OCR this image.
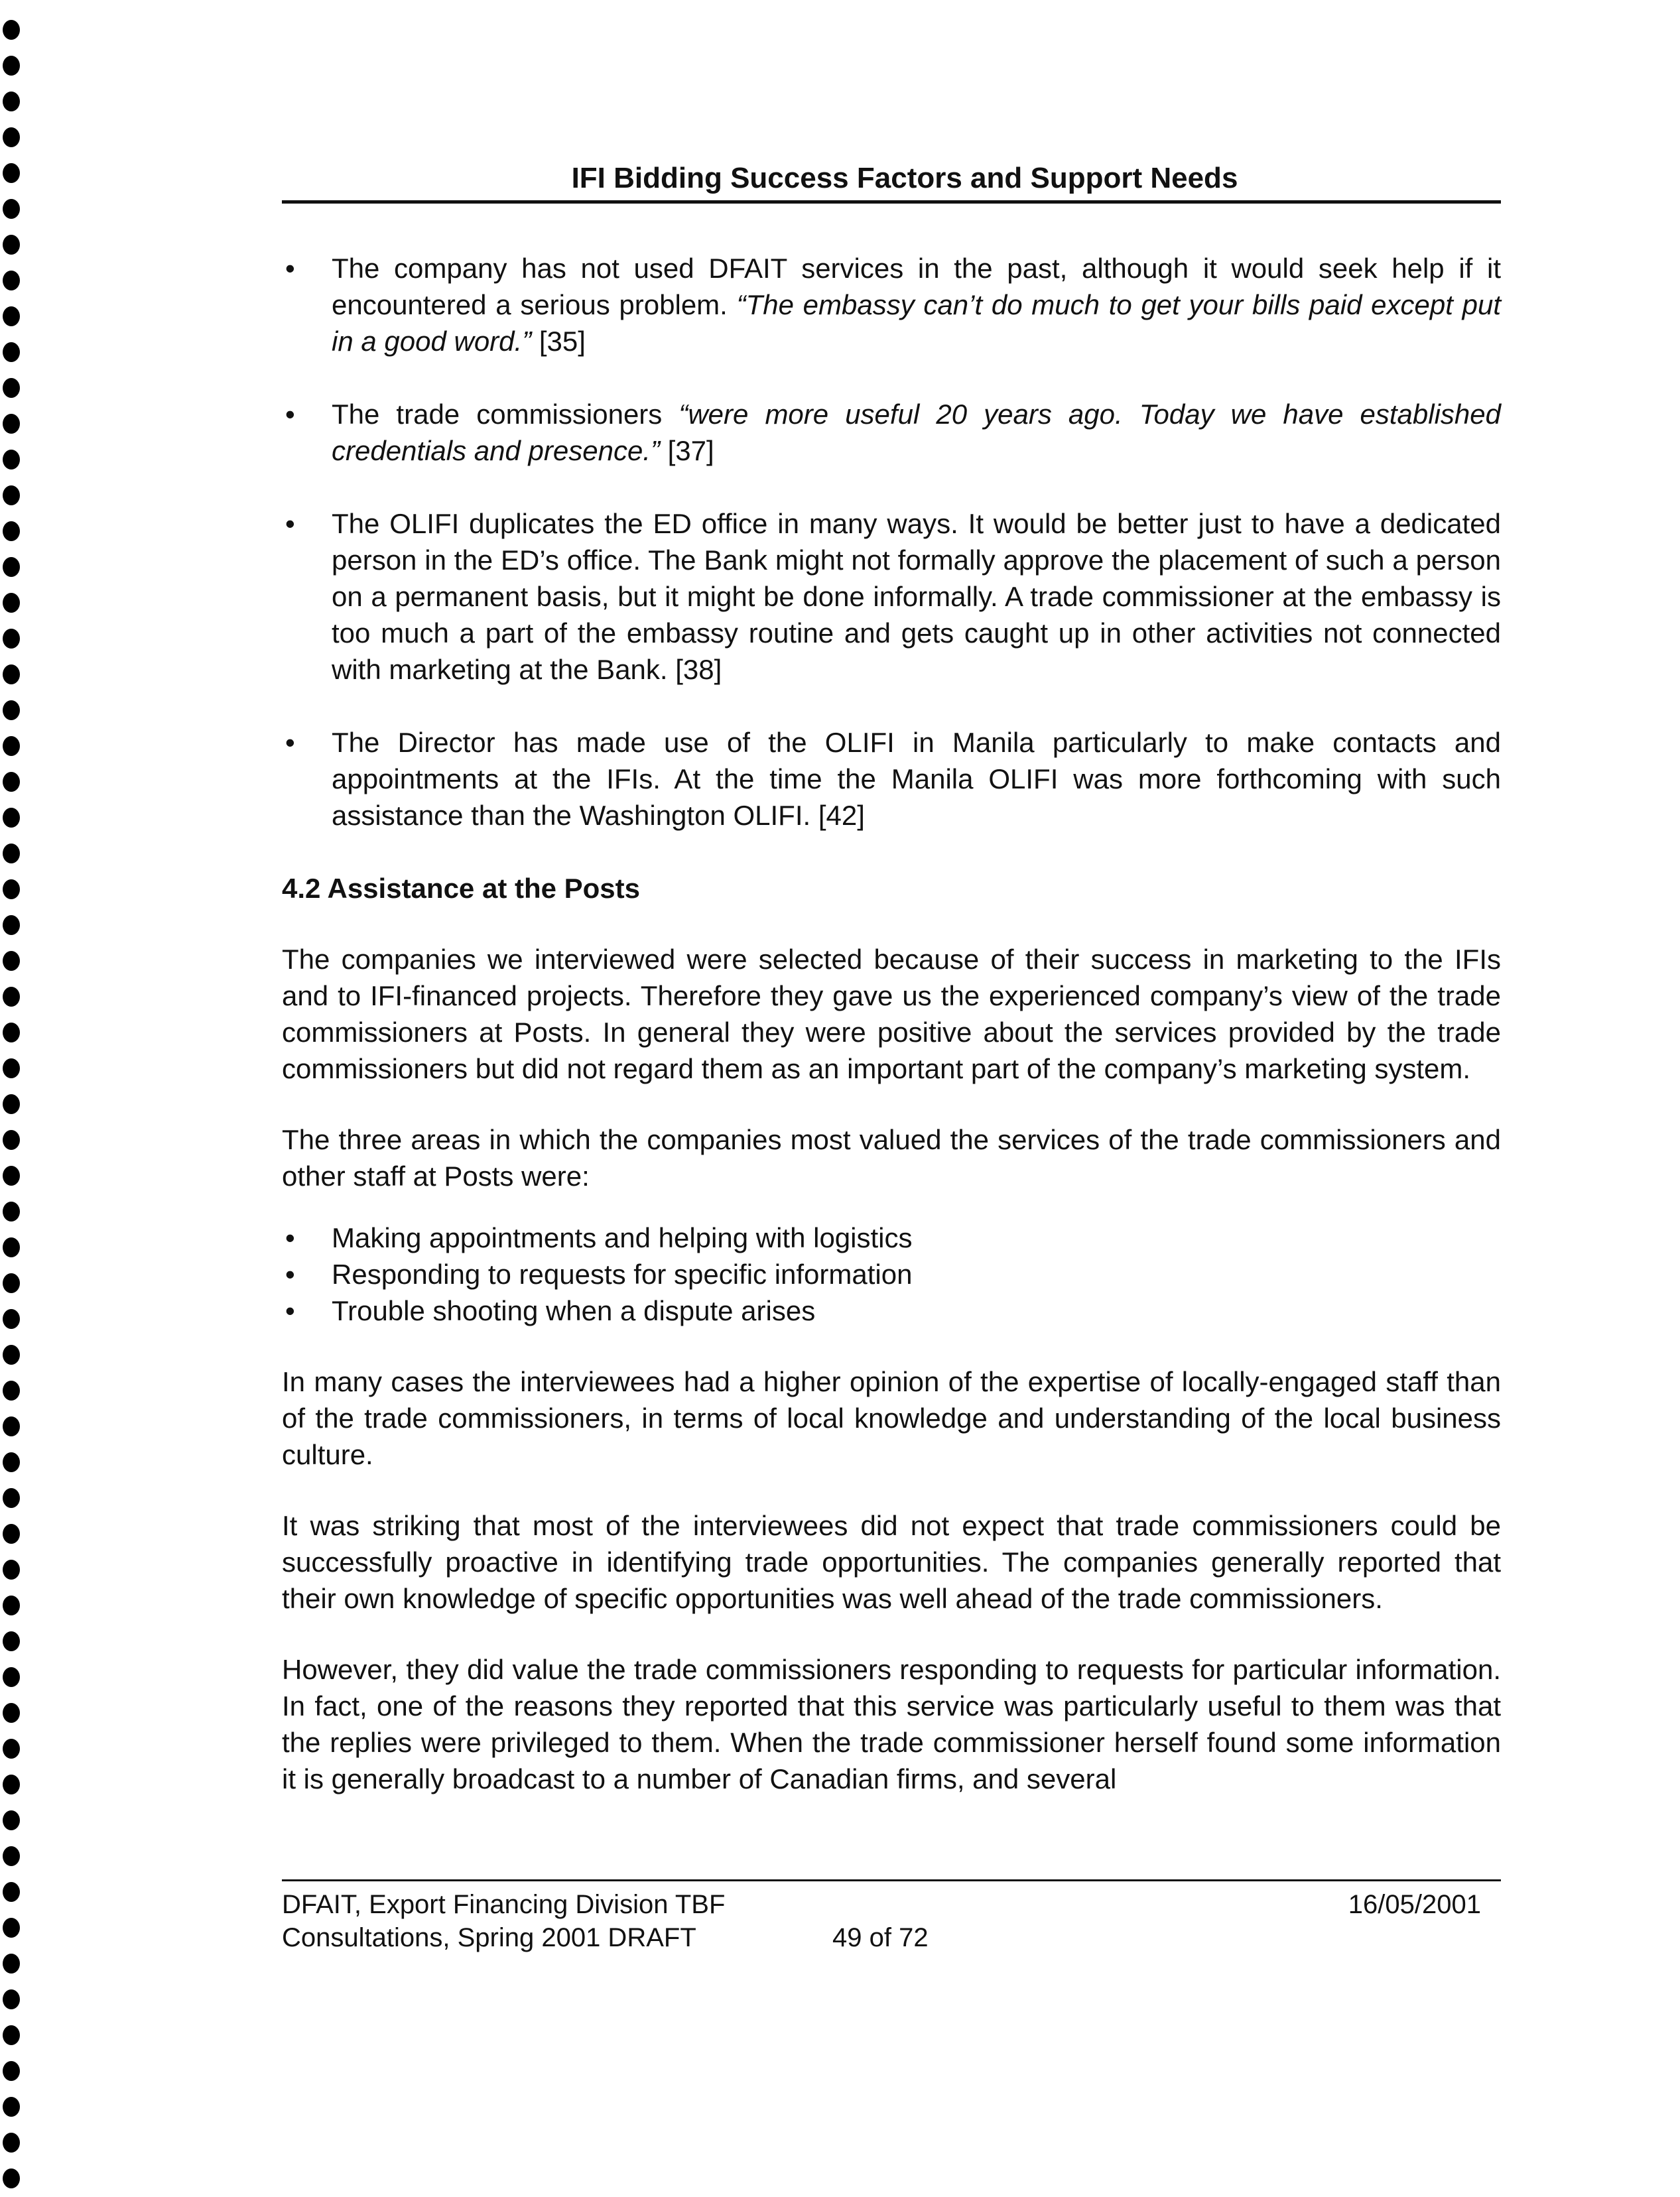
IFI Bidding Success Factors and Support Needs
• The company has not used DFAIT services in the past, although it would seek help if it encountered a serious problem. “The embassy can’t do much to get your bills paid except put in a good word.” [35]
• The trade commissioners “were more useful 20 years ago. Today we have established credentials and presence.” [37]
• The OLIFI duplicates the ED office in many ways. It would be better just to have a dedicated person in the ED’s office. The Bank might not formally approve the placement of such a person on a permanent basis, but it might be done informally. A trade commissioner at the embassy is too much a part of the embassy routine and gets caught up in other activities not connected with marketing at the Bank. [38]
• The Director has made use of the OLIFI in Manila particularly to make contacts and appointments at the IFIs. At the time the Manila OLIFI was more forthcoming with such assistance than the Washington OLIFI. [42]
4.2 Assistance at the Posts

The companies we interviewed were selected because of their success in marketing to the IFIs and to IFI-financed projects. Therefore they gave us the experienced company’s view of the trade commissioners at Posts. In general they were positive about the services provided by the trade commissioners but did not regard them as an important part of the company’s marketing system.

The three areas in which the companies most valued the services of the trade commissioners and other staff at Posts were:

• Making appointments and helping with logistics
• Responding to requests for specific information
• Trouble shooting when a dispute arises

In many cases the interviewees had a higher opinion of the expertise of locally-engaged staff than of the trade commissioners, in terms of local knowledge and understanding of the local business culture.

It was striking that most of the interviewees did not expect that trade commissioners could be successfully proactive in identifying trade opportunities. The companies generally reported that their own knowledge of specific opportunities was well ahead of the trade commissioners.

However, they did value the trade commissioners responding to requests for particular information. In fact, one of the reasons they reported that this service was particularly useful to them was that the replies were privileged to them. When the trade commissioner herself found some information it is generally broadcast to a number of Canadian firms, and several

DFAIT, Export Financing Division TBF
Consultations, Spring 2001 DRAFT	49 of 72
16/05/2001
